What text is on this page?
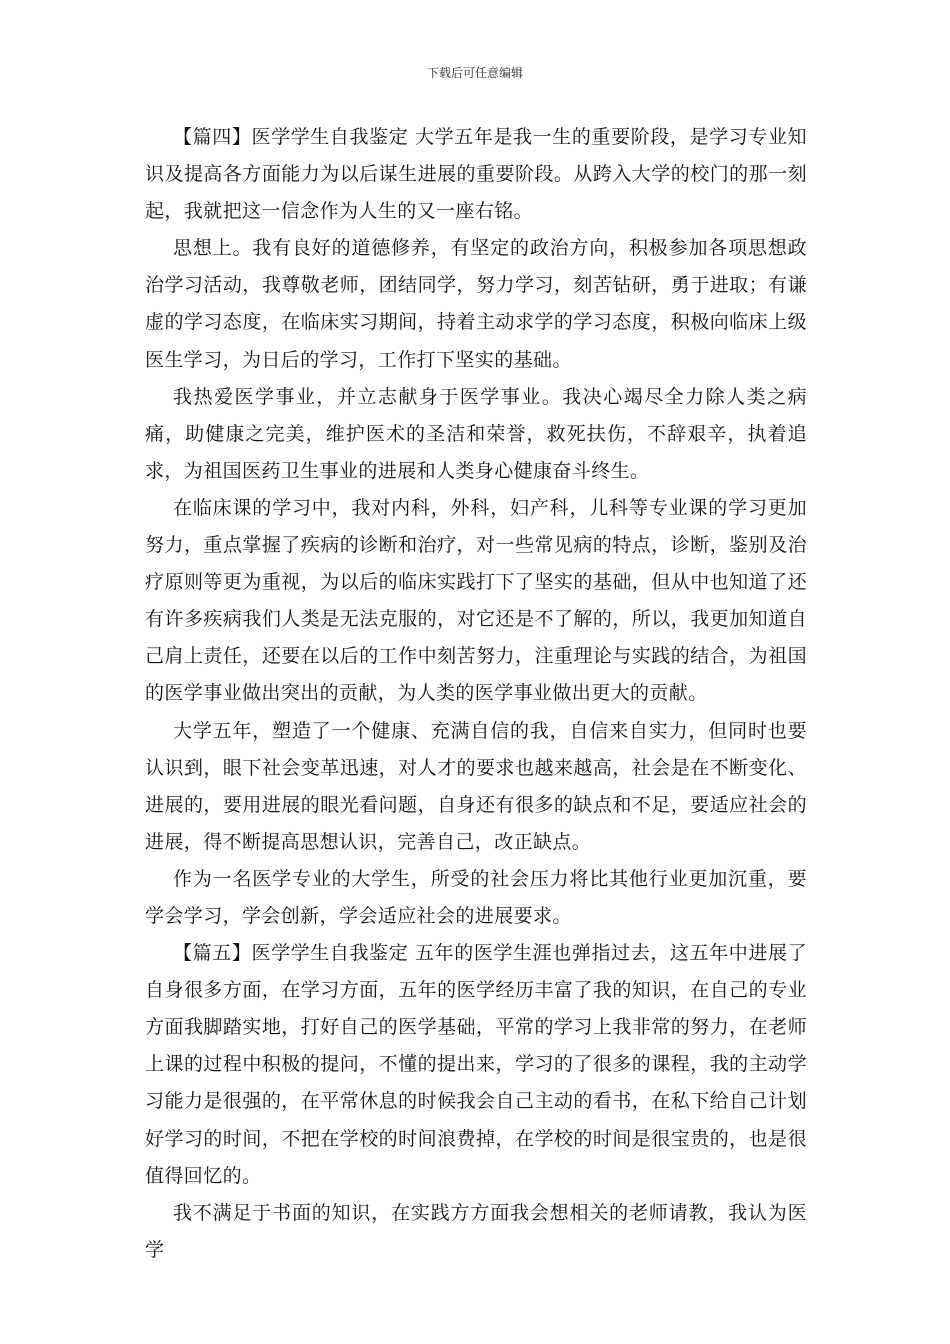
下载后可任意编辑

【篇四】医学学生自我鉴定 大学五年是我一生的重要阶段，是学习专业知识及提高各方面能力为以后谋生进展的重要阶段。从跨入大学的校门的那一刻起，我就把这一信念作为人生的又一座右铭。

思想上。我有良好的道德修养，有坚定的政治方向，积极参加各项思想政治学习活动，我尊敬老师，团结同学，努力学习，刻苦钻研，勇于进取；有谦虚的学习态度，在临床实习期间，持着主动求学的学习态度，积极向临床上级医生学习，为日后的学习，工作打下坚实的基础。

我热爱医学事业，并立志献身于医学事业。我决心竭尽全力除人类之病痛，助健康之完美，维护医术的圣洁和荣誉，救死扶伤，不辞艰辛，执着追求，为祖国医药卫生事业的进展和人类身心健康奋斗终生。

在临床课的学习中，我对内科，外科，妇产科，儿科等专业课的学习更加努力，重点掌握了疾病的诊断和治疗，对一些常见病的特点，诊断，鉴别及治疗原则等更为重视，为以后的临床实践打下了坚实的基础，但从中也知道了还有许多疾病我们人类是无法克服的，对它还是不了解的，所以，我更加知道自己肩上责任，还要在以后的工作中刻苦努力，注重理论与实践的结合，为祖国的医学事业做出突出的贡献，为人类的医学事业做出更大的贡献。

大学五年，塑造了一个健康、充满自信的我，自信来自实力，但同时也要认识到，眼下社会变革迅速，对人才的要求也越来越高，社会是在不断变化、进展的，要用进展的眼光看问题，自身还有很多的缺点和不足，要适应社会的进展，得不断提高思想认识，完善自己，改正缺点。

作为一名医学专业的大学生，所受的社会压力将比其他行业更加沉重，要学会学习，学会创新，学会适应社会的进展要求。

【篇五】医学学生自我鉴定 五年的医学生涯也弹指过去，这五年中进展了自身很多方面，在学习方面，五年的医学经历丰富了我的知识，在自己的专业方面我脚踏实地，打好自己的医学基础，平常的学习上我非常的努力，在老师上课的过程中积极的提问，不懂的提出来，学习的了很多的课程，我的主动学习能力是很强的，在平常休息的时候我会自己主动的看书，在私下给自己计划好学习的时间，不把在学校的时间浪费掉，在学校的时间是很宝贵的，也是很值得回忆的。

我不满足于书面的知识，在实践方方面我会想相关的老师请教，我认为医学
